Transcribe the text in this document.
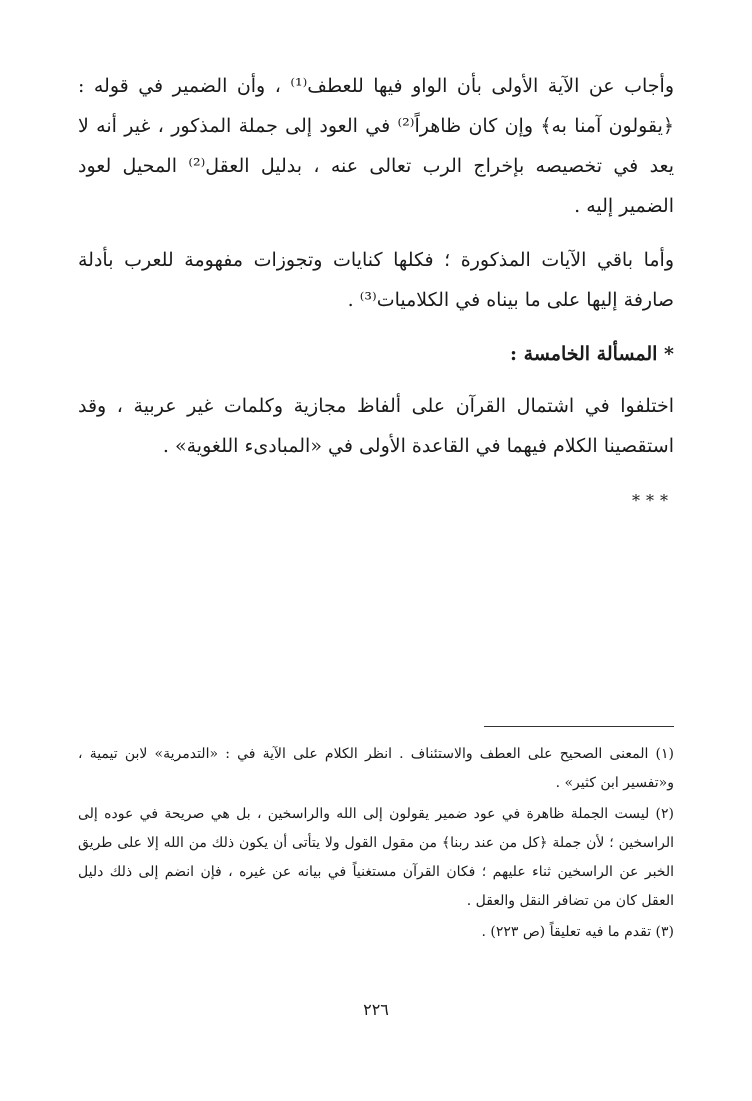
وأجاب عن الآية الأولى بأن الواو فيها للعطف⁽¹⁾ ، وأن الضمير في قوله : ﴿يقولون آمنا به﴾ وإن كان ظاهراً⁽²⁾ في العود إلى جملة المذكور ، غير أنه لا يعد في تخصيصه بإخراج الرب تعالى عنه ، بدليل العقل⁽²⁾ المحيل لعود الضمير إليه .

وأما باقي الآيات المذكورة ؛ فكلها كنايات وتجوزات مفهومة للعرب بأدلة صارفة إليها على ما بيناه في الكلاميات⁽³⁾ .

* المسألة الخامسة :

اختلفوا في اشتمال القرآن على ألفاظ مجازية وكلمات غير عربية ، وقد استقصينا الكلام فيهما في القاعدة الأولى في «المبادىء اللغوية» .

***

(١) المعنى الصحيح على العطف والاستئناف . انظر الكلام على الآية في : «التدمرية» لابن تيمية ، و«تفسير ابن كثير» .

(٢) ليست الجملة ظاهرة في عود ضمير يقولون إلى الله والراسخين ، بل هي صريحة في عوده إلى الراسخين ؛ لأن جملة ﴿كل من عند ربنا﴾ من مقول القول ولا يتأتى أن يكون ذلك من الله إلا على طريق الخبر عن الراسخين ثناء عليهم ؛ فكان القرآن مستغنياً في بيانه عن غيره ، فإن انضم إلى ذلك دليل العقل كان من تضافر النقل والعقل .

(٣) تقدم ما فيه تعليقاً (ص ٢٢٣) .

٢٢٦
